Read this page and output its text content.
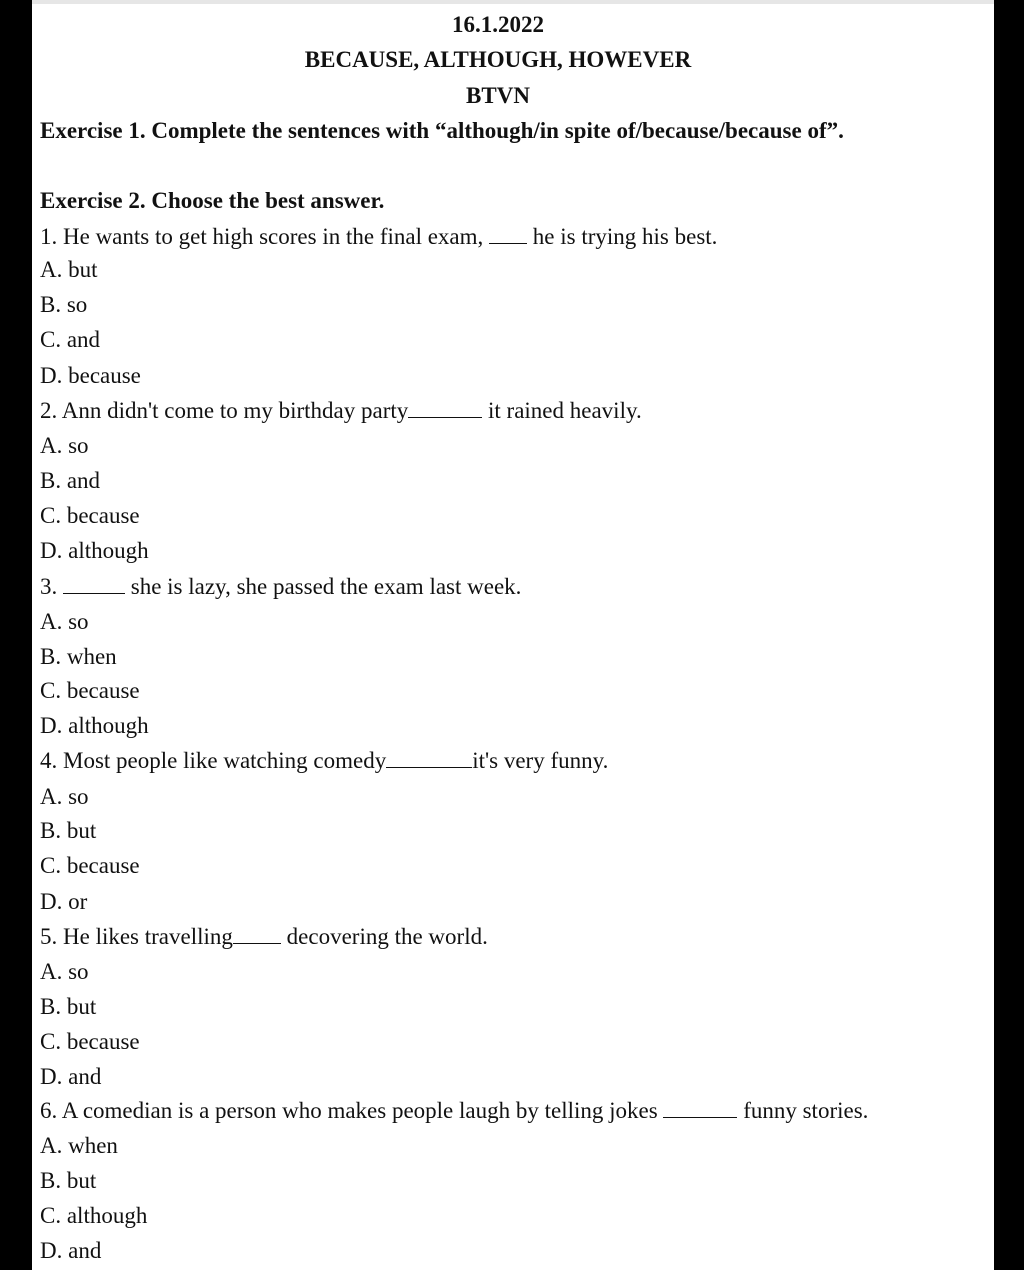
16.1.2022

BECAUSE, ALTHOUGH, HOWEVER

BTVN

Exercise 1. Complete the sentences with “although/in spite of/because/because of”.

Exercise 2. Choose the best answer.

1. He wants to get high scores in the final exam,  he is trying his best.

A. but

B. so

C. and

D. because

2. Ann didn't come to my birthday party	it rained heavily.

A. so

B. and

C. because

D. although

3.	she is lazy, she passed the exam last week.

A. so

B. when

C. because

D. although

4. Most people like watching comedy	it's very funny.

A. so

B. but

C. because

D. or

5. He likes travelling decovering the world.

A. so

B. but

C. because

D. and

6. A comedian is a person who makes people laugh by telling jokes	funny stories.

A. when

B. but

C. although

D. and
